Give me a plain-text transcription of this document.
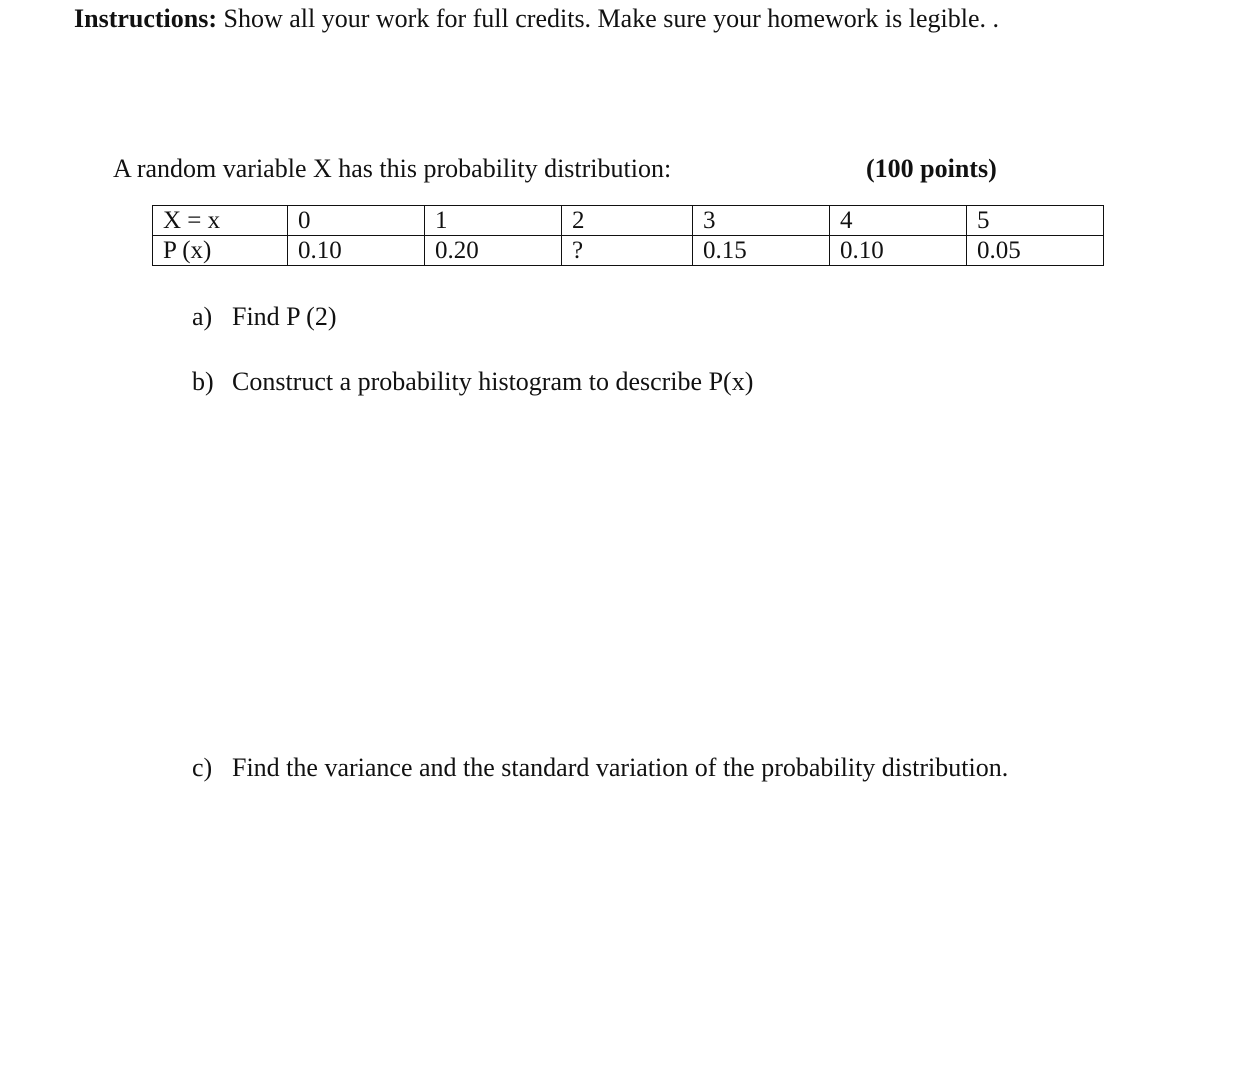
Instructions: Show all your work for full credits. Make sure your homework is legible. .
A random variable X has this probability distribution:	(100 points)
X = x	0	1	2	3	4	5
P (x)	0.10	0.20	?	0.15	0.10	0.05
a) Find P (2)
b) Construct a probability histogram to describe P(x)
c) Find the variance and the standard variation of the probability distribution.
